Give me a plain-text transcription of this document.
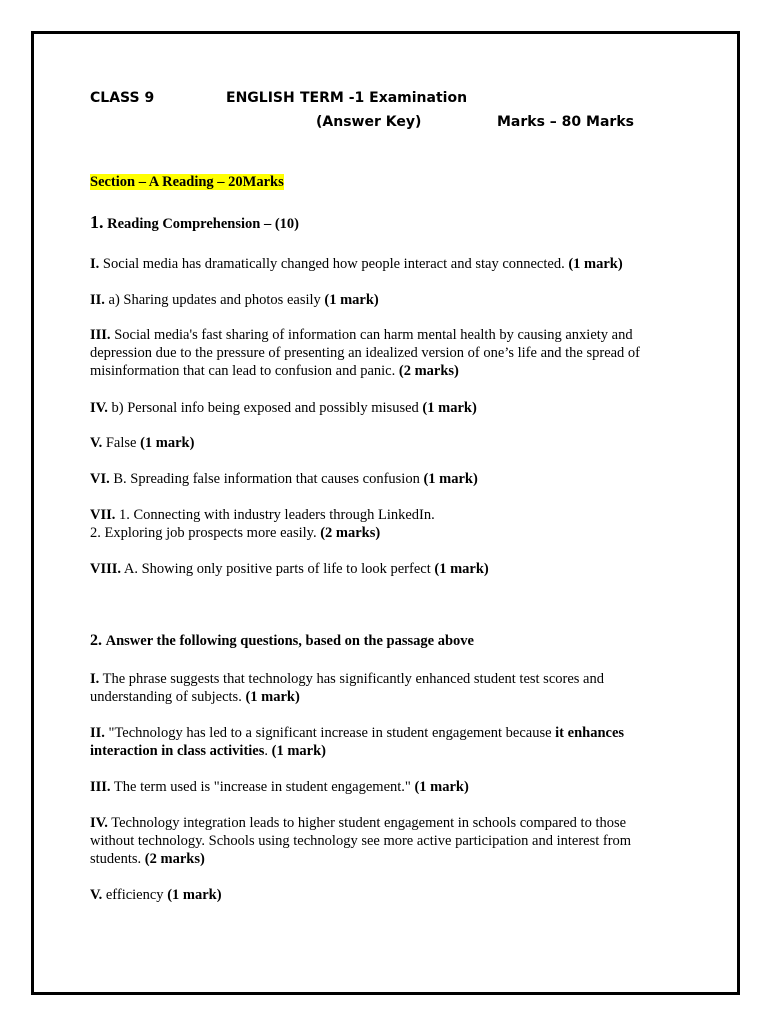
CLASS 9	ENGLISH TERM -1 Examination
(Answer Key)	Marks – 80 Marks
Section – A Reading – 20Marks
1. Reading Comprehension – (10)
I. Social media has dramatically changed how people interact and stay connected. (1 mark)
II. a) Sharing updates and photos easily (1 mark)
III. Social media's fast sharing of information can harm mental health by causing anxiety and depression due to the pressure of presenting an idealized version of one’s life and the spread of misinformation that can lead to confusion and panic. (2 marks)
IV. b) Personal info being exposed and possibly misused (1 mark)
V. False (1 mark)
VI. B. Spreading false information that causes confusion (1 mark)
VII. 1. Connecting with industry leaders through LinkedIn.
2. Exploring job prospects more easily. (2 marks)
VIII. A. Showing only positive parts of life to look perfect (1 mark)
2. Answer the following questions, based on the passage above
I. The phrase suggests that technology has significantly enhanced student test scores and understanding of subjects. (1 mark)
II. "Technology has led to a significant increase in student engagement because it enhances interaction in class activities. (1 mark)
III. The term used is "increase in student engagement." (1 mark)
IV. Technology integration leads to higher student engagement in schools compared to those without technology. Schools using technology see more active participation and interest from students. (2 marks)
V. efficiency (1 mark)
